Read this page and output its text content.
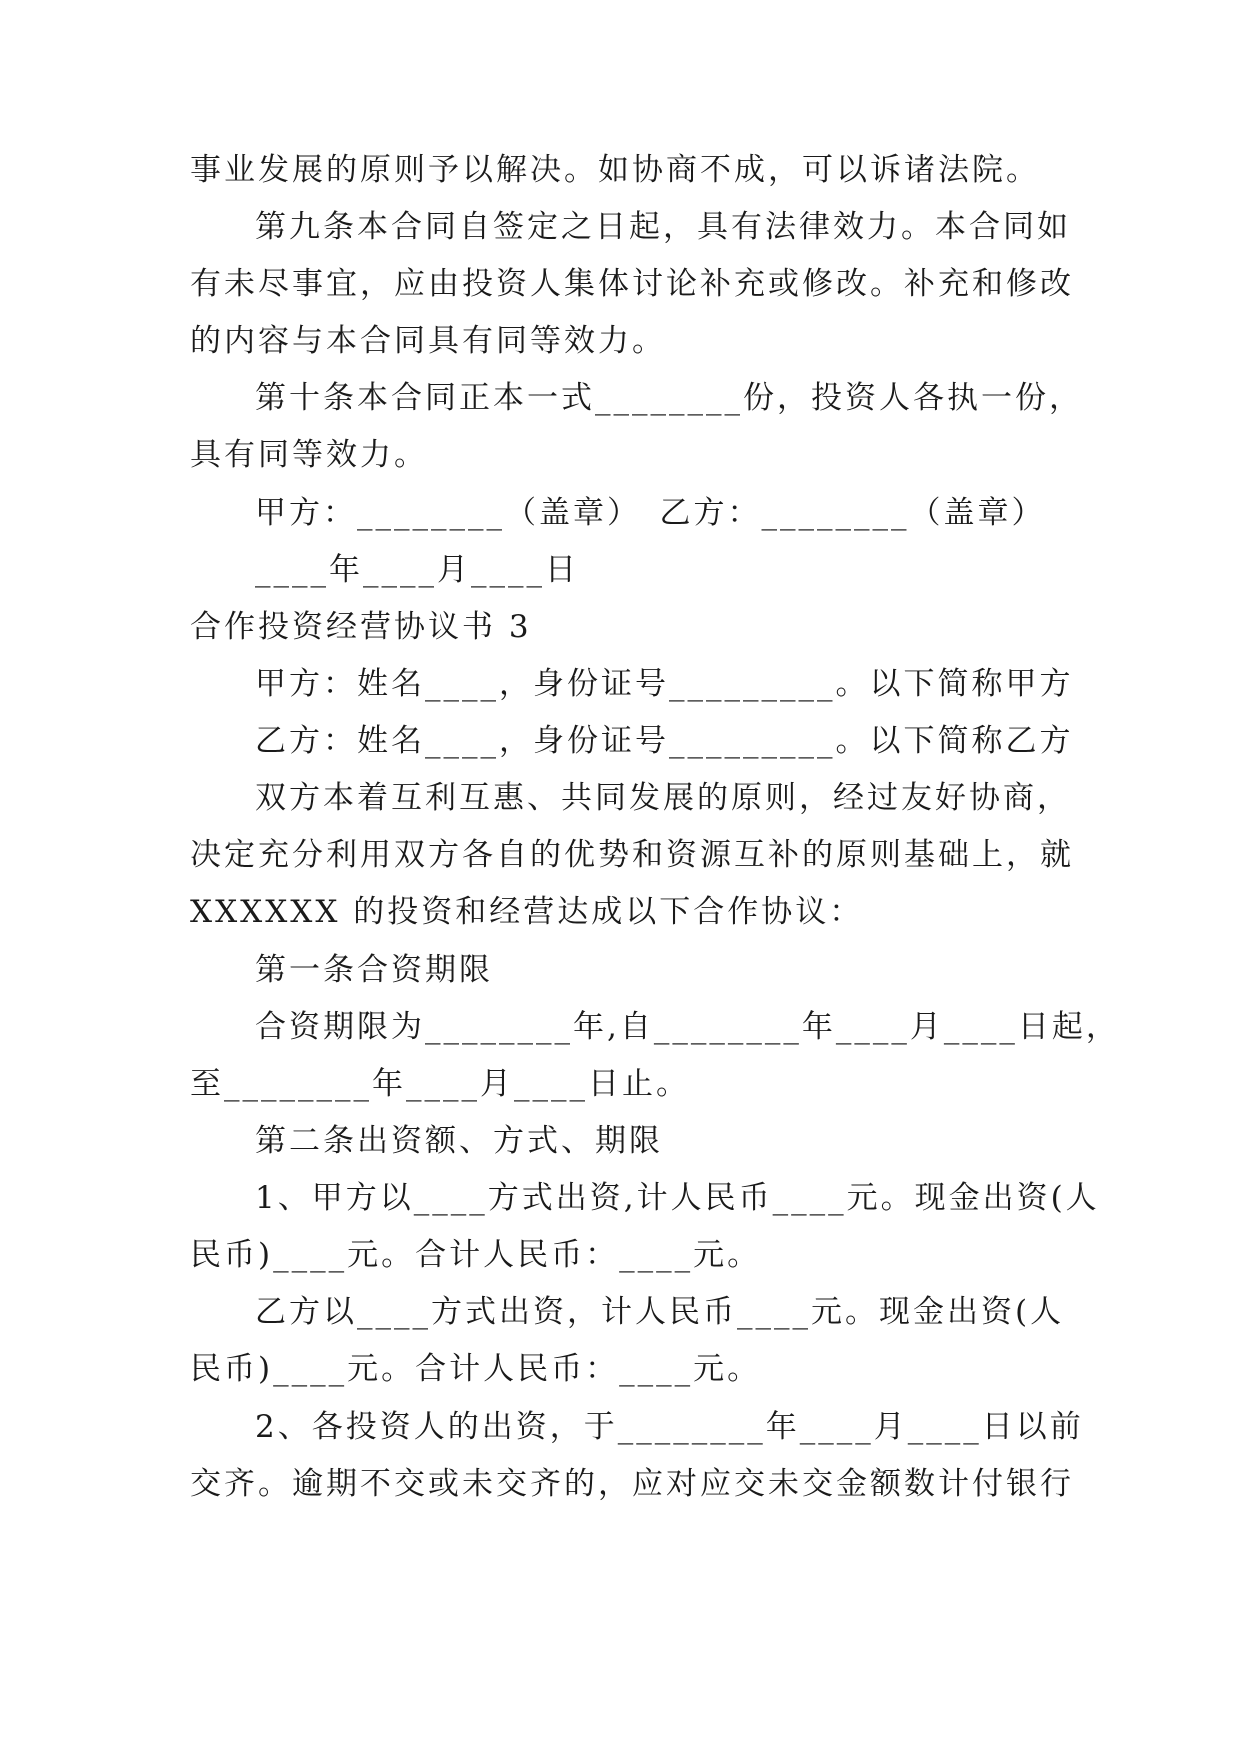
事业发展的原则予以解决。如协商不成，可以诉诸法院。
第九条本合同自签定之日起，具有法律效力。本合同如
有未尽事宜，应由投资人集体讨论补充或修改。补充和修改
的内容与本合同具有同等效力。
第十条本合同正本一式________份，投资人各执一份，
具有同等效力。
甲方：________（盖章）　乙方：________（盖章）
____年____月____日
合作投资经营协议书 3
甲方：姓名____，身份证号_________。以下简称甲方
乙方：姓名____，身份证号_________。以下简称乙方
双方本着互利互惠、共同发展的原则，经过友好协商，
决定充分利用双方各自的优势和资源互补的原则基础上，就
XXXXXX 的投资和经营达成以下合作协议：
第一条合资期限
合资期限为________年,自________年____月____日起，
至________年____月____日止。
第二条出资额、方式、期限
1、甲方以____方式出资,计人民币____元。现金出资(人
民币)____元。合计人民币：____元。
乙方以____方式出资，计人民币____元。现金出资(人
民币)____元。合计人民币：____元。
2、各投资人的出资，于________年____月____日以前
交齐。逾期不交或未交齐的，应对应交未交金额数计付银行
